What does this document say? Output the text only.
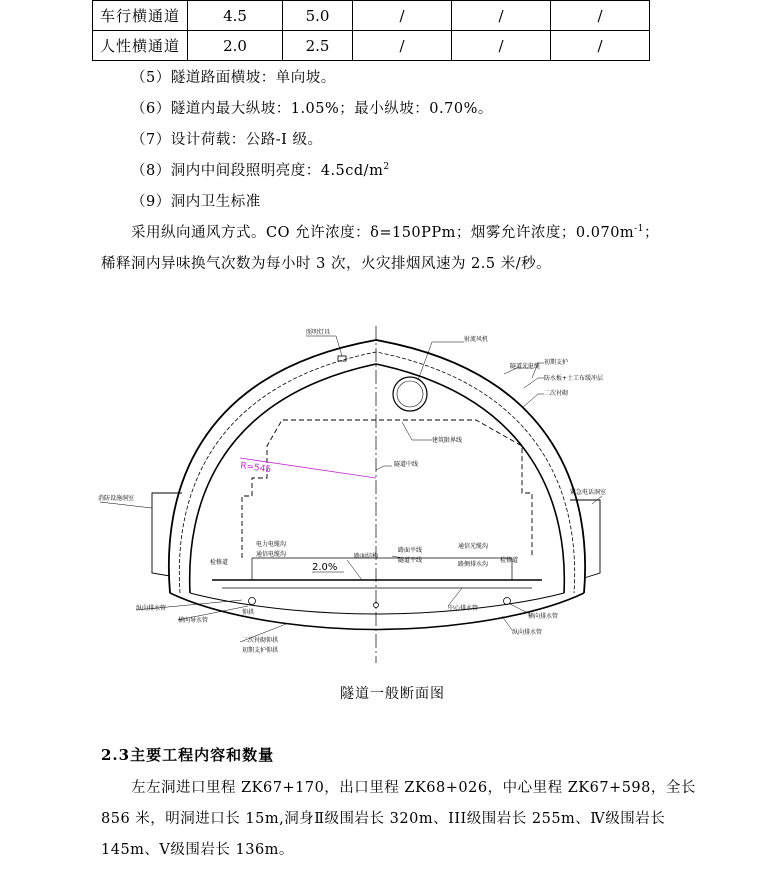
车行横通道	4.5	5.0	/	/	/
人性横通道	2.0	2.5	/	/	/
（5）隧道路面横坡：单向坡。
（6）隧道内最大纵坡：1.05%；最小纵坡：0.70%。
（7）设计荷载：公路-I 级。
（8）洞内中间段照明亮度：$4.5cd/m^2$
（9）洞内卫生标准
采用纵向通风方式。CO 允许浓度：δ=150PPm；烟雾允许浓度；$0.070m^{-1}$；
稀释洞内异味换气次数为每小时 3 次，火灾排烟风速为 2.5 米/秒。
R=545
2.0%
照明灯具
射流风机
隧道光电缆
初期支护
防水板+土工布缓冲层
二次衬砌
建筑限界线
隧道中线
消防设施洞室
紧急电话洞室
电力电缆沟
通信电缆沟
检修道
路面结构
路面平线
隧道平线
通信光缆沟
路侧排水沟
检修道
纵向排水管
横向导水管
仰拱
二次衬砌仰拱
初期支护仰拱
中心排水管
横向排水管
纵向排水管
隧道一般断面图
2.3主要工程内容和数量
左左洞进口里程 ZK67+170，出口里程 ZK68+026，中心里程 ZK67+598，全长
856 米，明洞进口长 15m,洞身Ⅱ级围岩长 320m、III级围岩长 255m、Ⅳ级围岩长
145m、Ⅴ级围岩长 136m。
